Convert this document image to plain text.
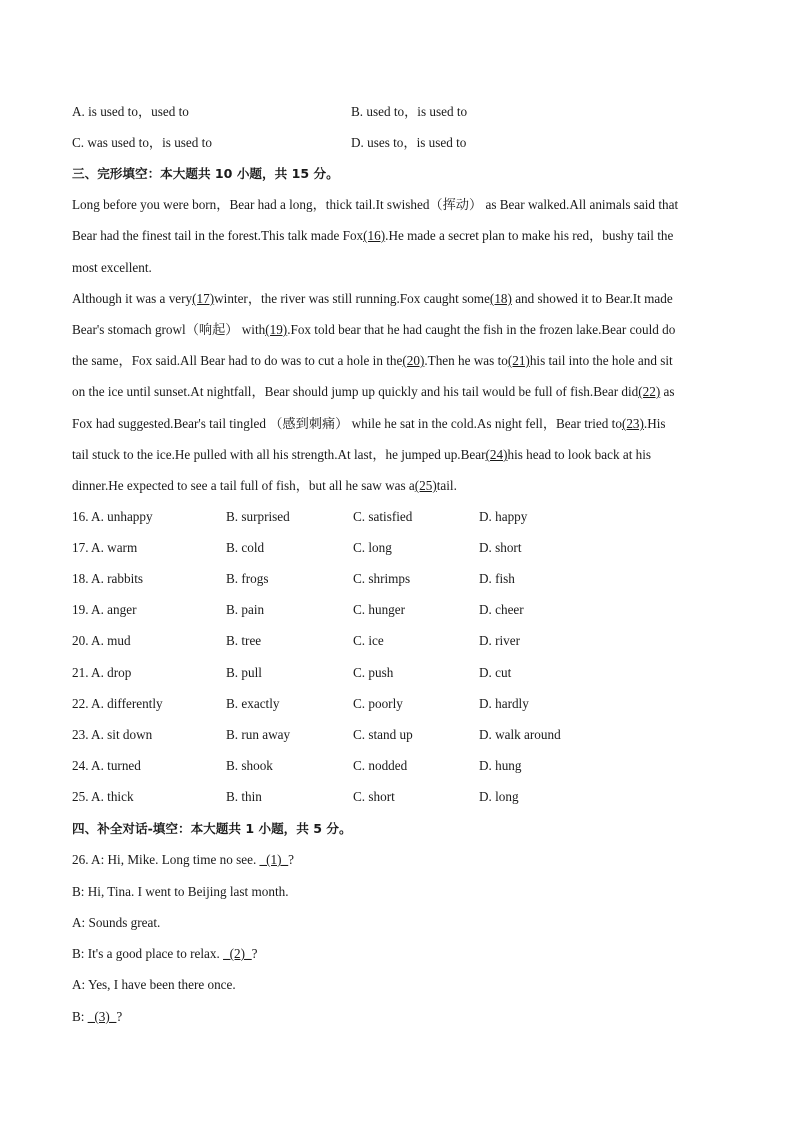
A. is used to，used to	B. used to，is used to
C. was used to，is used to	D. uses to，is used to
三、完形填空：本大题共 10 小题，共 15 分。
Long before you were born，Bear had a long，thick tail.It swished（挥动） as Bear walked.All animals said that
Bear had the finest tail in the forest.This talk made Fox(16).He made a secret plan to make his red，bushy tail the
most excellent.
Although it was a very(17)winter，the river was still running.Fox caught some(18) and showed it to Bear.It made
Bear's stomach growl（响起） with(19).Fox told bear that he had caught the fish in the frozen lake.Bear could do
the same，Fox said.All Bear had to do was to cut a hole in the(20).Then he was to(21)his tail into the hole and sit
on the ice until sunset.At nightfall，Bear should jump up quickly and his tail would be full of fish.Bear did(22) as
Fox had suggested.Bear's tail tingled （感到刺痛） while he sat in the cold.As night fell，Bear tried to(23).His
tail stuck to the ice.He pulled with all his strength.At last，he jumped up.Bear(24)his head to look back at his
dinner.He expected to see a tail full of fish，but all he saw was a(25)tail.
16. A. unhappy	B. surprised	C. satisfied	D. happy
17. A. warm	B. cold	C. long	D. short
18. A. rabbits	B. frogs	C. shrimps	D. fish
19. A. anger	B. pain	C. hunger	D. cheer
20. A. mud	B. tree	C. ice	D. river
21. A. drop	B. pull	C. push	D. cut
22. A. differently	B. exactly	C. poorly	D. hardly
23. A. sit down	B. run away	C. stand up	D. walk around
24. A. turned	B. shook	C. nodded	D. hung
25. A. thick	B. thin	C. short	D. long
四、补全对话-填空：本大题共 1 小题，共 5 分。
26. A: Hi, Mike. Long time no see. _(1)_?
B: Hi, Tina. I went to Beijing last month.
A: Sounds great.
B: It's a good place to relax. _(2)_?
A: Yes, I have been there once.
B: _(3)_?
